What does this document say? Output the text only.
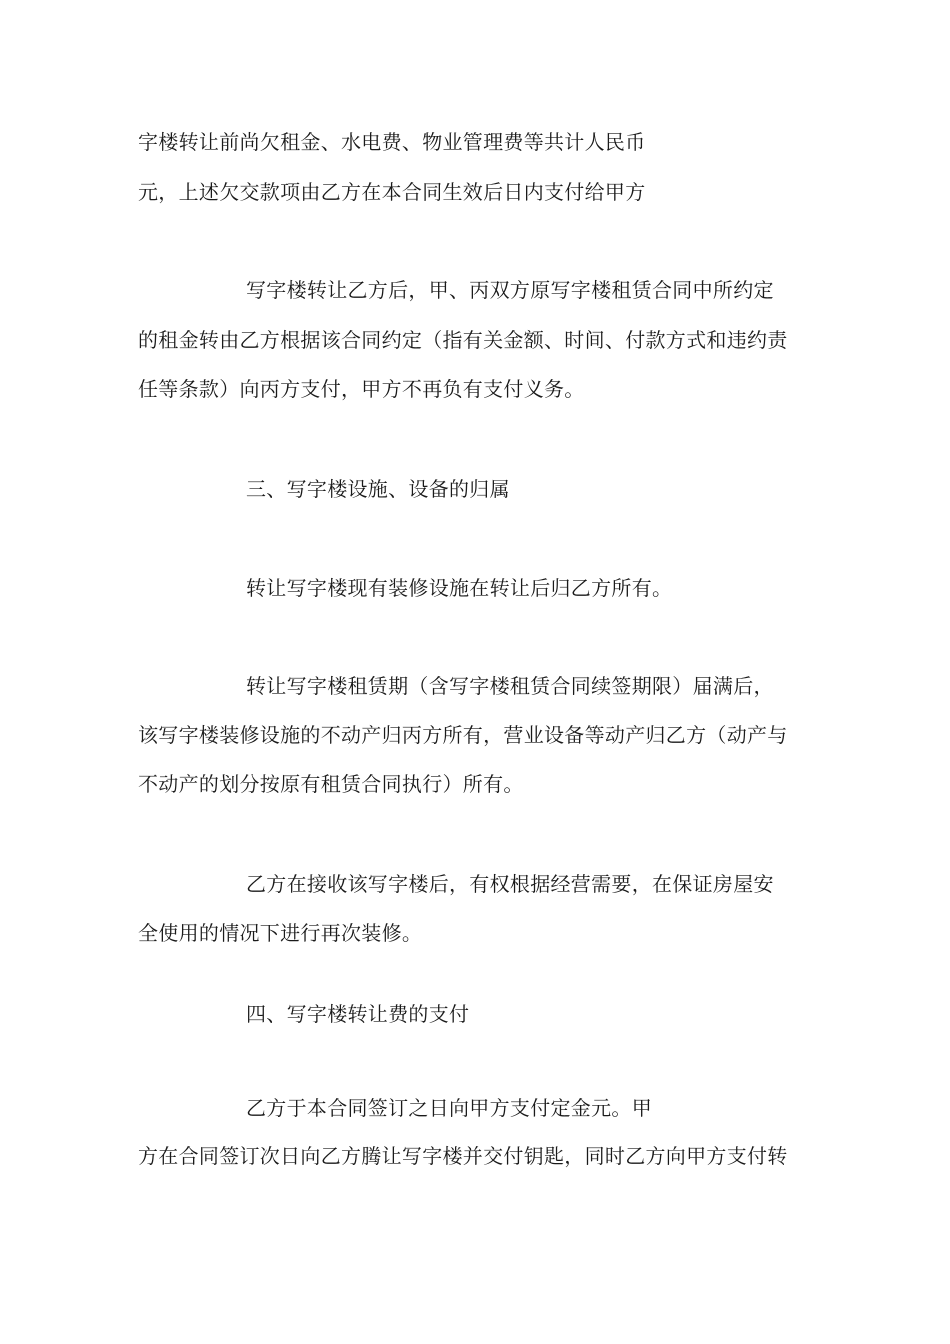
字楼转让前尚欠租金、水电费、物业管理费等共计人民币
元，上述欠交款项由乙方在本合同生效后日内支付给甲方
写字楼转让乙方后，甲、丙双方原写字楼租赁合同中所约定
的租金转由乙方根据该合同约定（指有关金额、时间、付款方式和违约责
任等条款）向丙方支付，甲方不再负有支付义务。
三、写字楼设施、设备的归属
转让写字楼现有装修设施在转让后归乙方所有。
转让写字楼租赁期（含写字楼租赁合同续签期限）届满后，
该写字楼装修设施的不动产归丙方所有，营业设备等动产归乙方（动产与
不动产的划分按原有租赁合同执行）所有。
乙方在接收该写字楼后，有权根据经营需要，在保证房屋安
全使用的情况下进行再次装修。
四、写字楼转让费的支付
乙方于本合同签订之日向甲方支付定金元。甲
方在合同签订次日向乙方腾让写字楼并交付钥匙，同时乙方向甲方支付转
